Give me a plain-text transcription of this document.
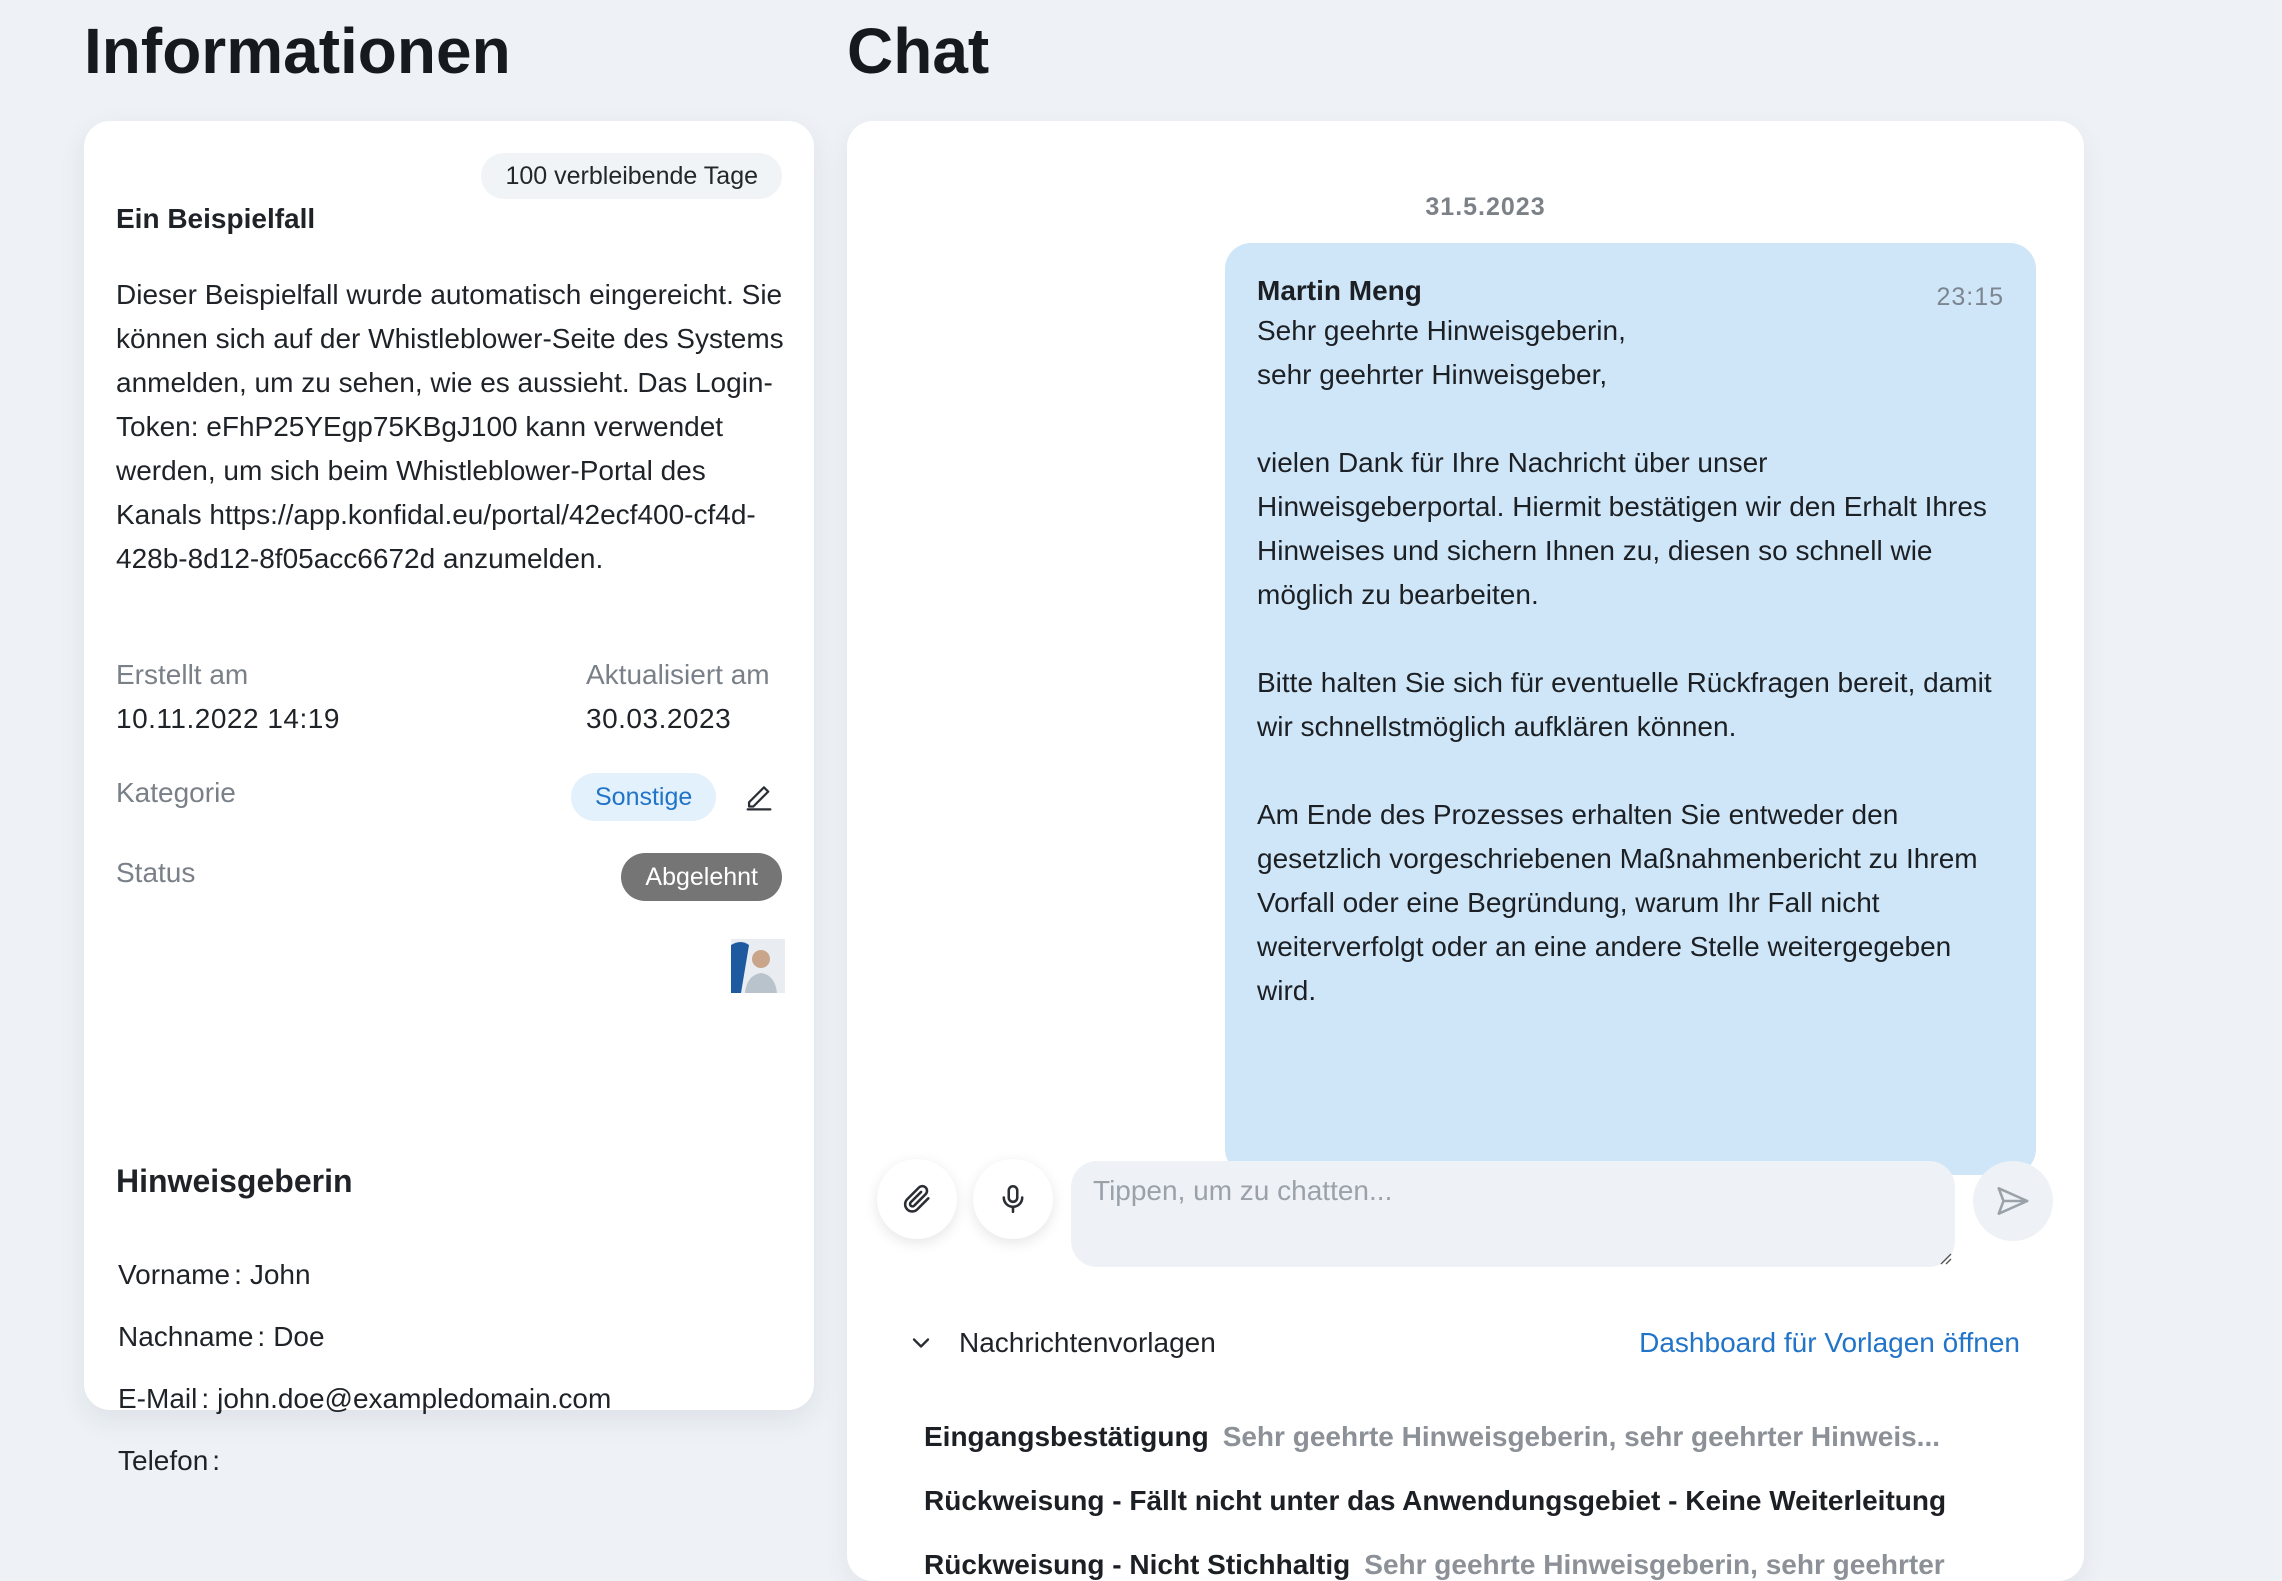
Informationen	Chat
100 verbleibende Tage
Ein Beispielfall
Dieser Beispielfall wurde automatisch eingereicht. Sie können sich auf der Whistleblower-Seite des Systems anmelden, um zu sehen, wie es aussieht. Das Login-Token: eFhP25YEgp75KBgJ100 kann verwendet werden, um sich beim Whistleblower-Portal des Kanals https://app.konfidal.eu/portal/42ecf400-cf4d-428b-8d12-8f05acc6672d anzumelden.
Erstellt am
10.11.2022 14:19
Aktualisiert am
30.03.2023
Kategorie	Sonstige
Status	Abgelehnt
Hinweisgeberin
Vorname : John
Nachname : Doe
E-Mail : john.doe@exampledomain.com
Telefon :
31.5.2023
Martin Meng	23:15
Sehr geehrte Hinweisgeberin,
sehr geehrter Hinweisgeber,

vielen Dank für Ihre Nachricht über unser Hinweisgeberportal. Hiermit bestätigen wir den Erhalt Ihres Hinweises und sichern Ihnen zu, diesen so schnell wie möglich zu bearbeiten.

Bitte halten Sie sich für eventuelle Rückfragen bereit, damit wir schnellstmöglich aufklären können.

Am Ende des Prozesses erhalten Sie entweder den gesetzlich vorgeschriebenen Maßnahmenbericht zu Ihrem Vorfall oder eine Begründung, warum Ihr Fall nicht weiterverfolgt oder an eine andere Stelle weitergegeben wird.
Tippen, um zu chatten...
Nachrichtenvorlagen	Dashboard für Vorlagen öffnen
Eingangsbestätigung Sehr geehrte Hinweisgeberin, sehr geehrter Hinweis...
Rückweisung - Fällt nicht unter das Anwendungsgebiet - Keine Weiterleitung
Rückweisung - Nicht Stichhaltig Sehr geehrte Hinweisgeberin, sehr geehrter
